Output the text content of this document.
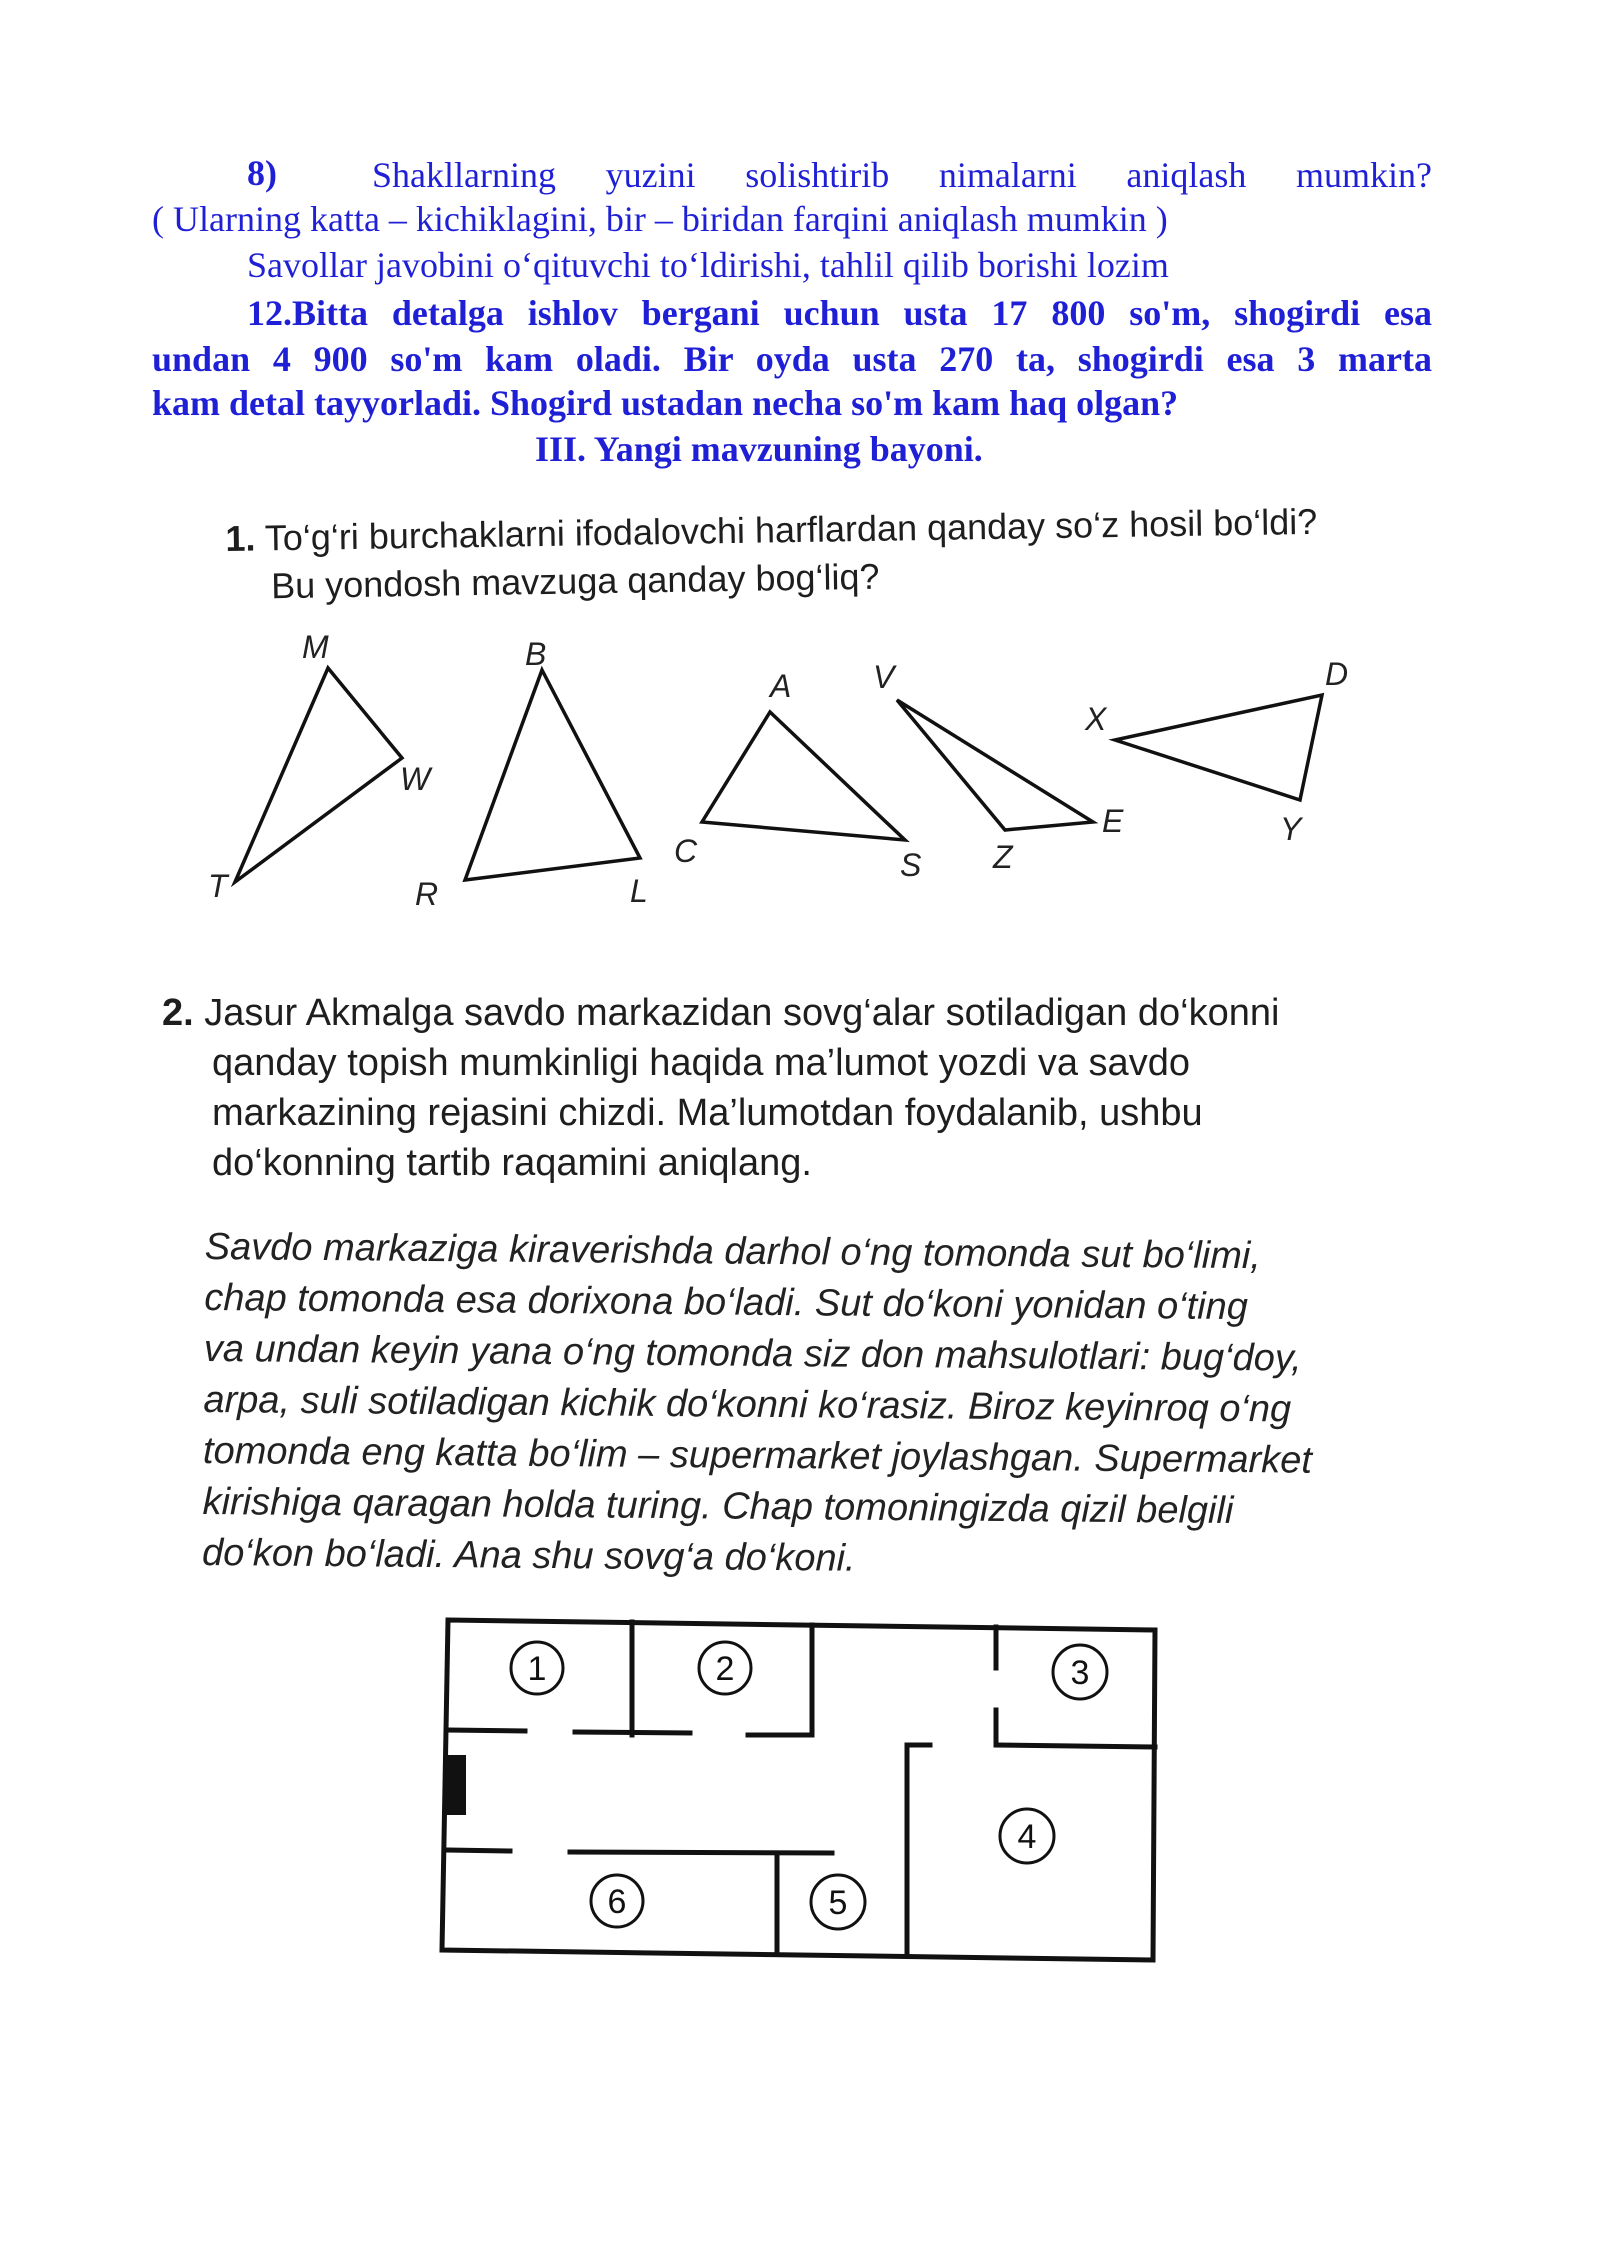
8)	Shakllarning yuzini solishtirib nimalarni aniqlash mumkin?
( Ularning katta – kichiklagini, bir – biridan farqini aniqlash mumkin )
Savollar javobini o‘qituvchi to‘ldirishi, tahlil qilib borishi lozim
12.Bitta detalga ishlov bergani uchun usta 17 800 so'm, shogirdi esa
undan 4 900 so'm kam oladi. Bir oyda usta 270 ta, shogirdi esa 3 marta
kam detal tayyorladi. Shogird ustadan necha so'm kam haq olgan?
III. Yangi mavzuning bayoni.
1. To‘g‘ri burchaklarni ifodalovchi harflardan qanday so‘z hosil bo‘ldi?
Bu yondosh mavzuga qanday bog‘liq?
M
W
T
B
R	L
A
C	S
V
Z
E
X
D
Y
2. Jasur Akmalga savdo markazidan sovg‘alar sotiladigan do‘konni
qanday topish mumkinligi haqida ma’lumot yozdi va savdo
markazining rejasini chizdi. Ma’lumotdan foydalanib, ushbu
do‘konning tartib raqamini aniqlang.
Savdo markaziga kiraverishda darhol o‘ng tomonda sut bo‘limi,
chap tomonda esa dorixona bo‘ladi. Sut do‘koni yonidan o‘ting
va undan keyin yana o‘ng tomonda siz don mahsulotlari: bug‘doy,
arpa, suli sotiladigan kichik do‘konni ko‘rasiz. Biroz keyinroq o‘ng
tomonda eng katta bo‘lim – supermarket joylashgan. Supermarket
kirishiga qaragan holda turing. Chap tomoningizda qizil belgili
do‘kon bo‘ladi. Ana shu sovg‘a do‘koni.
1	2	3
4
5
6
